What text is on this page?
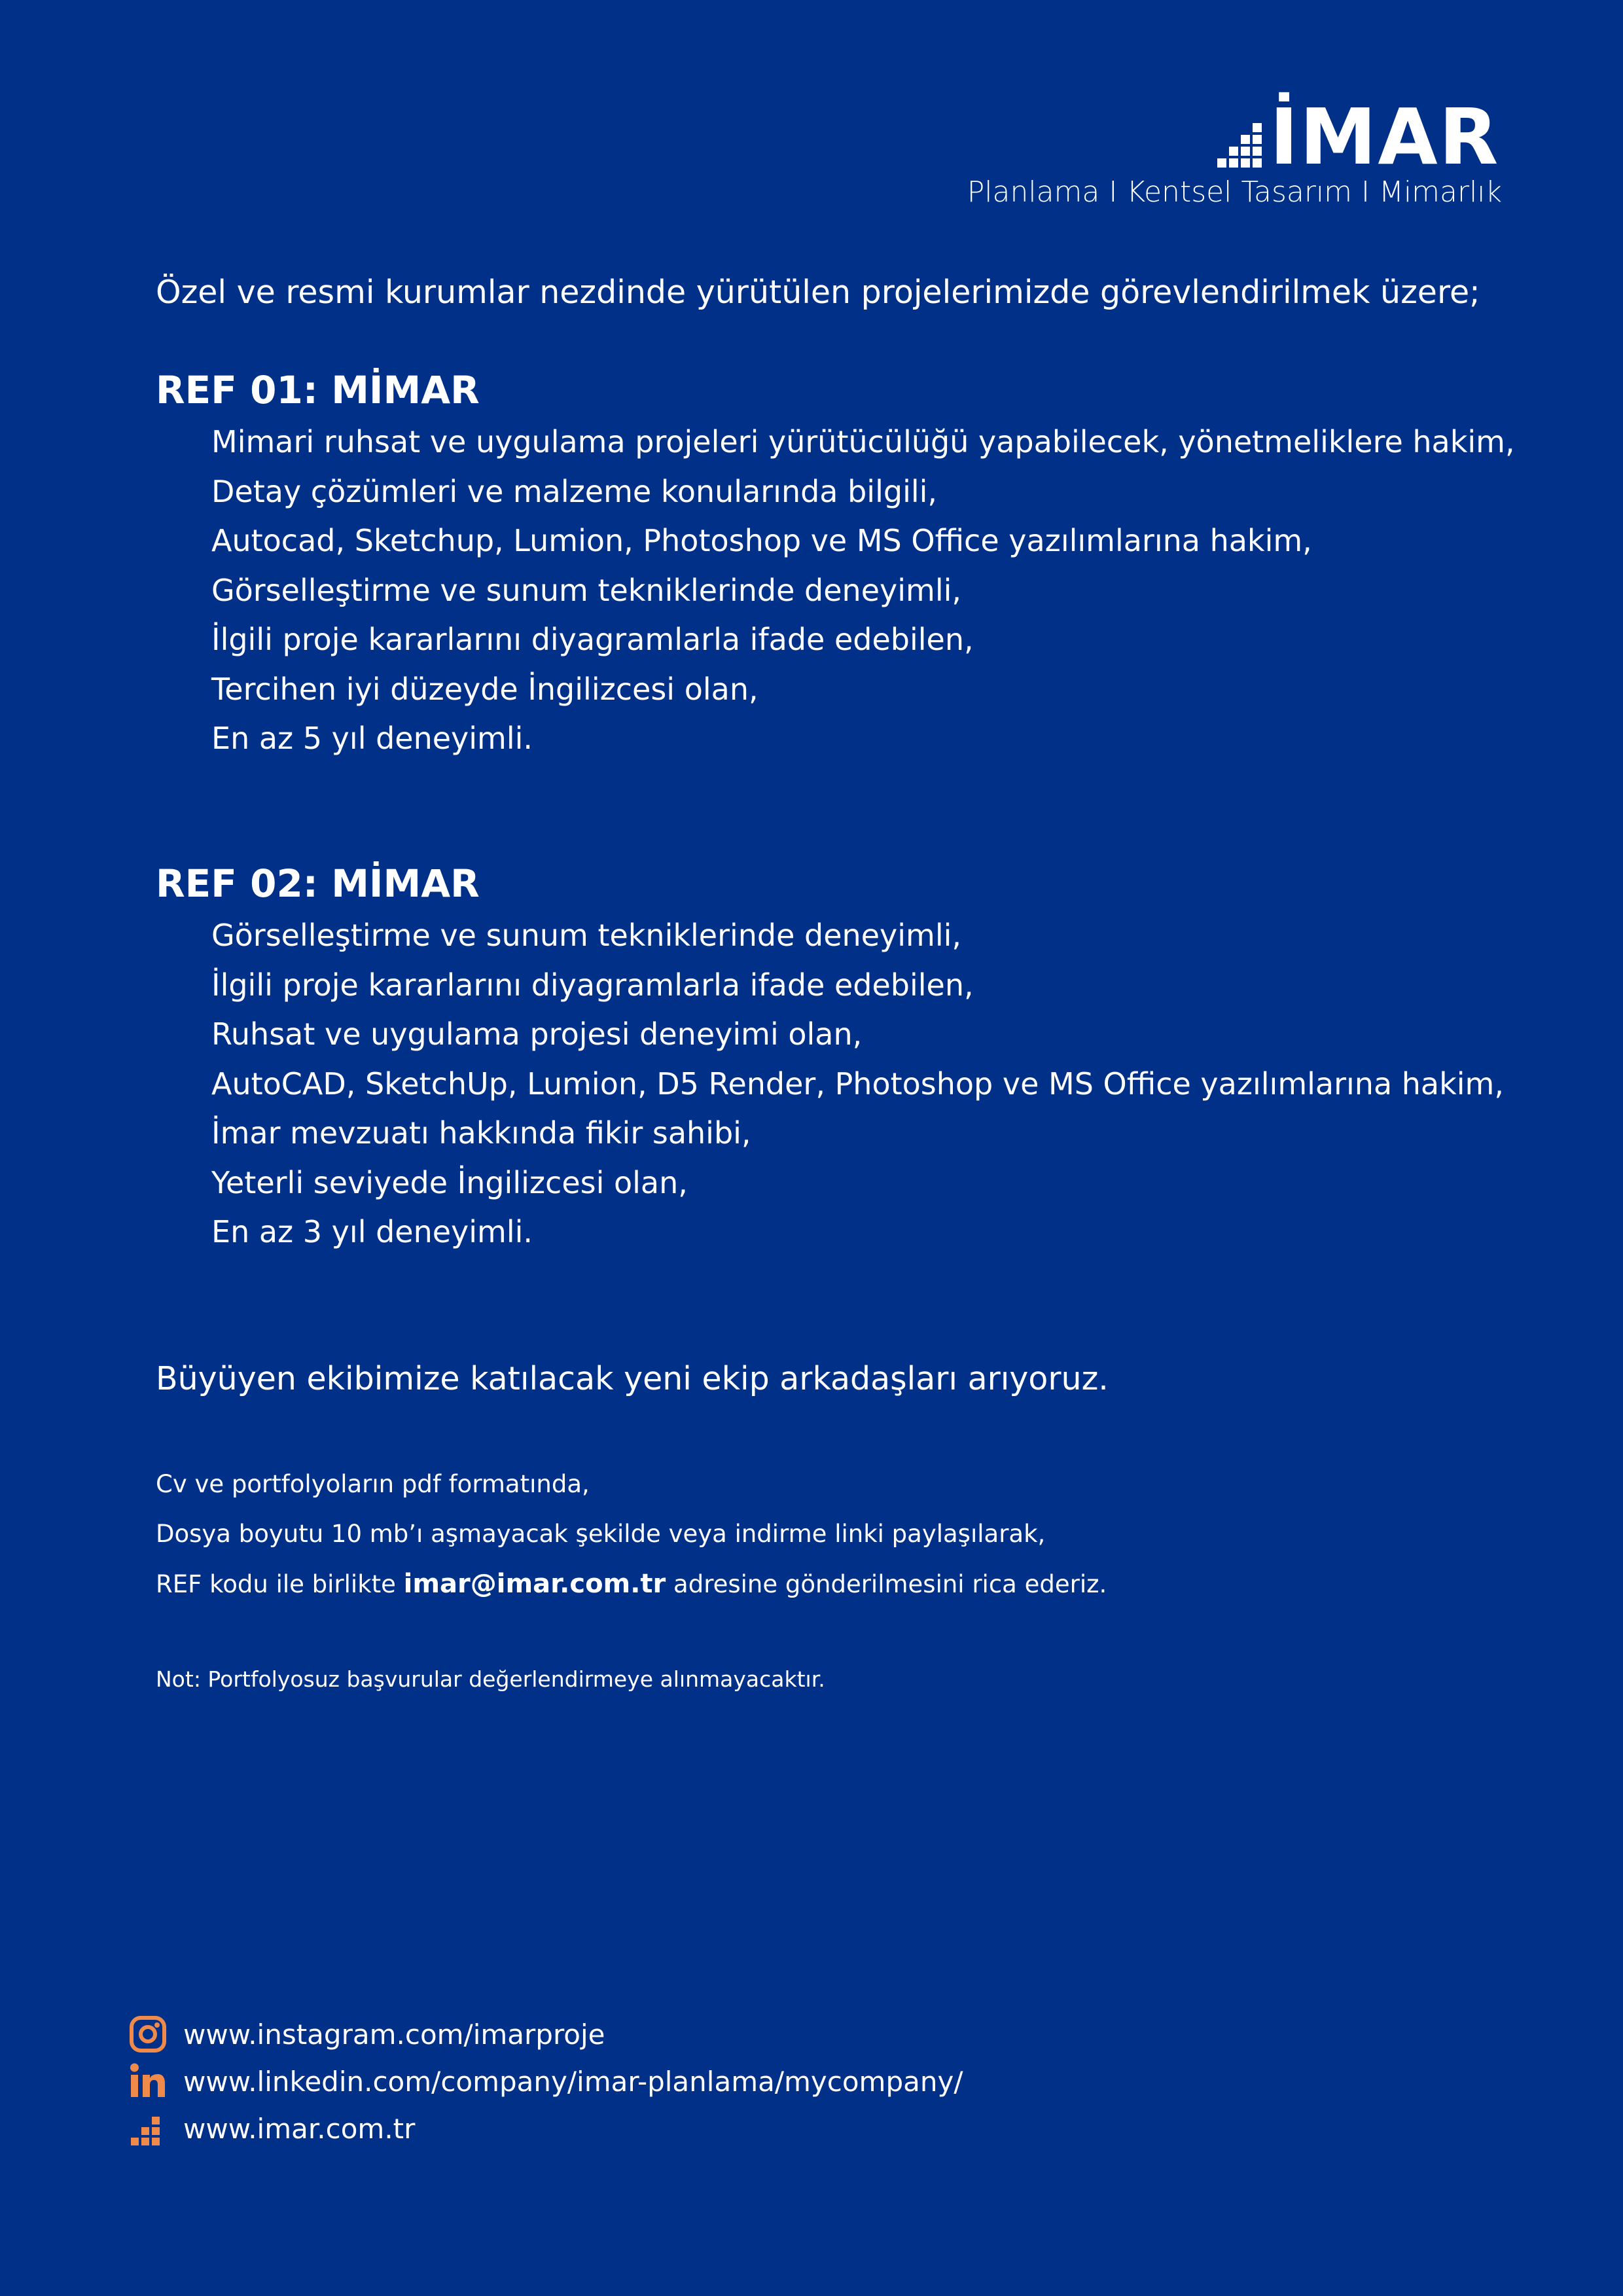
İMAR
Planlama I Kentsel Tasarım I Mimarlık
Özel ve resmi kurumlar nezdinde yürütülen projelerimizde görevlendirilmek üzere;
REF 01: MİMAR
Mimari ruhsat ve uygulama projeleri yürütücülüğü yapabilecek, yönetmeliklere hakim,
Detay çözümleri ve malzeme konularında bilgili,
Autocad, Sketchup, Lumion, Photoshop ve MS Office yazılımlarına hakim,
Görselleştirme ve sunum tekniklerinde deneyimli,
İlgili proje kararlarını diyagramlarla ifade edebilen,
Tercihen iyi düzeyde İngilizcesi olan,
En az 5 yıl deneyimli.
REF 02: MİMAR
Görselleştirme ve sunum tekniklerinde deneyimli,
İlgili proje kararlarını diyagramlarla ifade edebilen,
Ruhsat ve uygulama projesi deneyimi olan,
AutoCAD, SketchUp, Lumion, D5 Render, Photoshop ve MS Office yazılımlarına hakim,
İmar mevzuatı hakkında fikir sahibi,
Yeterli seviyede İngilizcesi olan,
En az 3 yıl deneyimli.
Büyüyen ekibimize katılacak yeni ekip arkadaşları arıyoruz.
Cv ve portfolyoların pdf formatında,
Dosya boyutu 10 mb’ı aşmayacak şekilde veya indirme linki paylaşılarak,
REF kodu ile birlikte imar@imar.com.tr adresine gönderilmesini rica ederiz.
Not: Portfolyosuz başvurular değerlendirmeye alınmayacaktır.
www.instagram.com/imarproje
www.linkedin.com/company/imar-planlama/mycompany/
www.imar.com.tr
